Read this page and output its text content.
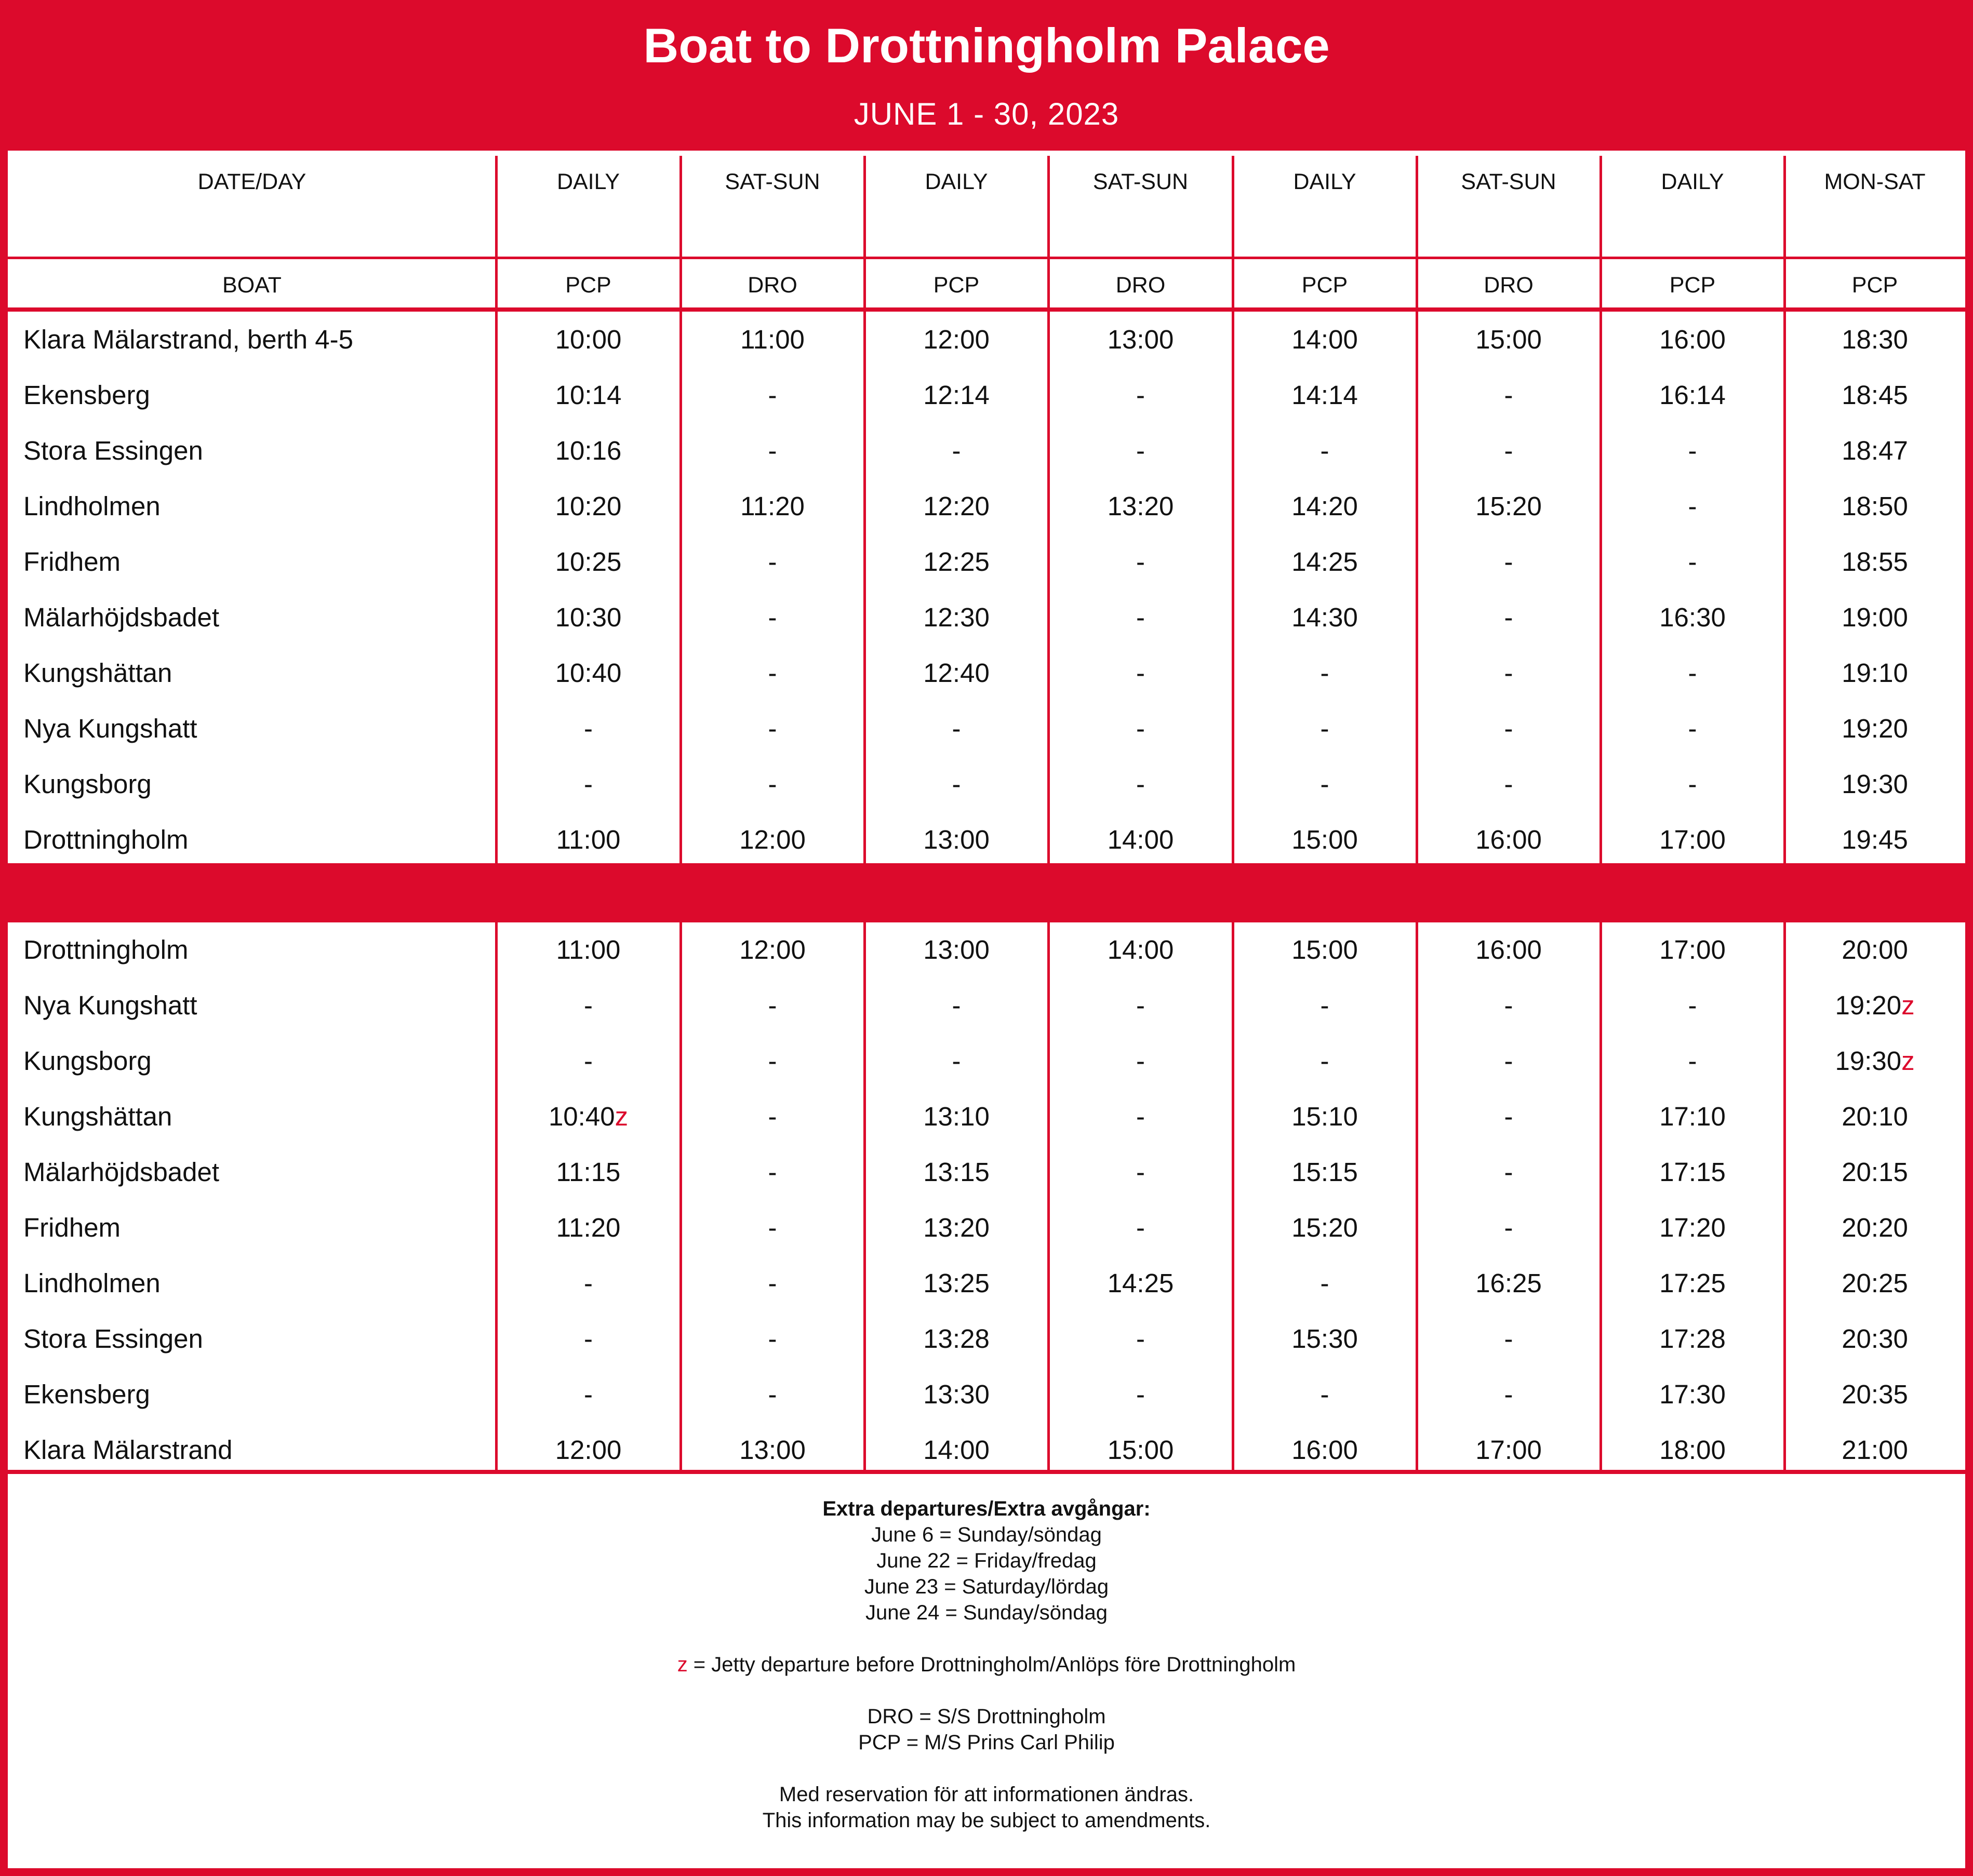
Boat to Drottningholm Palace
JUNE 1 - 30, 2023
DATE/DAY	DAILY	SAT-SUN	DAILY	SAT-SUN	DAILY	SAT-SUN	DAILY	MON-SAT
BOAT	PCP	DRO	PCP	DRO	PCP	DRO	PCP	PCP
Klara Mälarstrand, berth 4-5	10:00	11:00	12:00	13:00	14:00	15:00	16:00	18:30
Ekensberg	10:14	-	12:14	-	14:14	-	16:14	18:45
Stora Essingen	10:16	-	-	-	-	-	-	18:47
Lindholmen	10:20	11:20	12:20	13:20	14:20	15:20	-	18:50
Fridhem	10:25	-	12:25	-	14:25	-	-	18:55
Mälarhöjdsbadet	10:30	-	12:30	-	14:30	-	16:30	19:00
Kungshättan	10:40	-	12:40	-	-	-	-	19:10
Nya Kungshatt	-	-	-	-	-	-	-	19:20
Kungsborg	-	-	-	-	-	-	-	19:30
Drottningholm	11:00	12:00	13:00	14:00	15:00	16:00	17:00	19:45
Drottningholm	11:00	12:00	13:00	14:00	15:00	16:00	17:00	20:00
Nya Kungshatt	-	-	-	-	-	-	-	19:20z
Kungsborg	-	-	-	-	-	-	-	19:30z
Kungshättan	10:40z	-	13:10	-	15:10	-	17:10	20:10
Mälarhöjdsbadet	11:15	-	13:15	-	15:15	-	17:15	20:15
Fridhem	11:20	-	13:20	-	15:20	-	17:20	20:20
Lindholmen	-	-	13:25	14:25	-	16:25	17:25	20:25
Stora Essingen	-	-	13:28	-	15:30	-	17:28	20:30
Ekensberg	-	-	13:30	-	-	-	17:30	20:35
Klara Mälarstrand	12:00	13:00	14:00	15:00	16:00	17:00	18:00	21:00
Extra departures/Extra avgångar:
June 6 = Sunday/söndag
June 22 = Friday/fredag
June 23 = Saturday/lördag
June 24 = Sunday/söndag
z = Jetty departure before Drottningholm/Anlöps före Drottningholm
DRO = S/S Drottningholm
PCP = M/S Prins Carl Philip
Med reservation för att informationen ändras.
This information may be subject to amendments.
